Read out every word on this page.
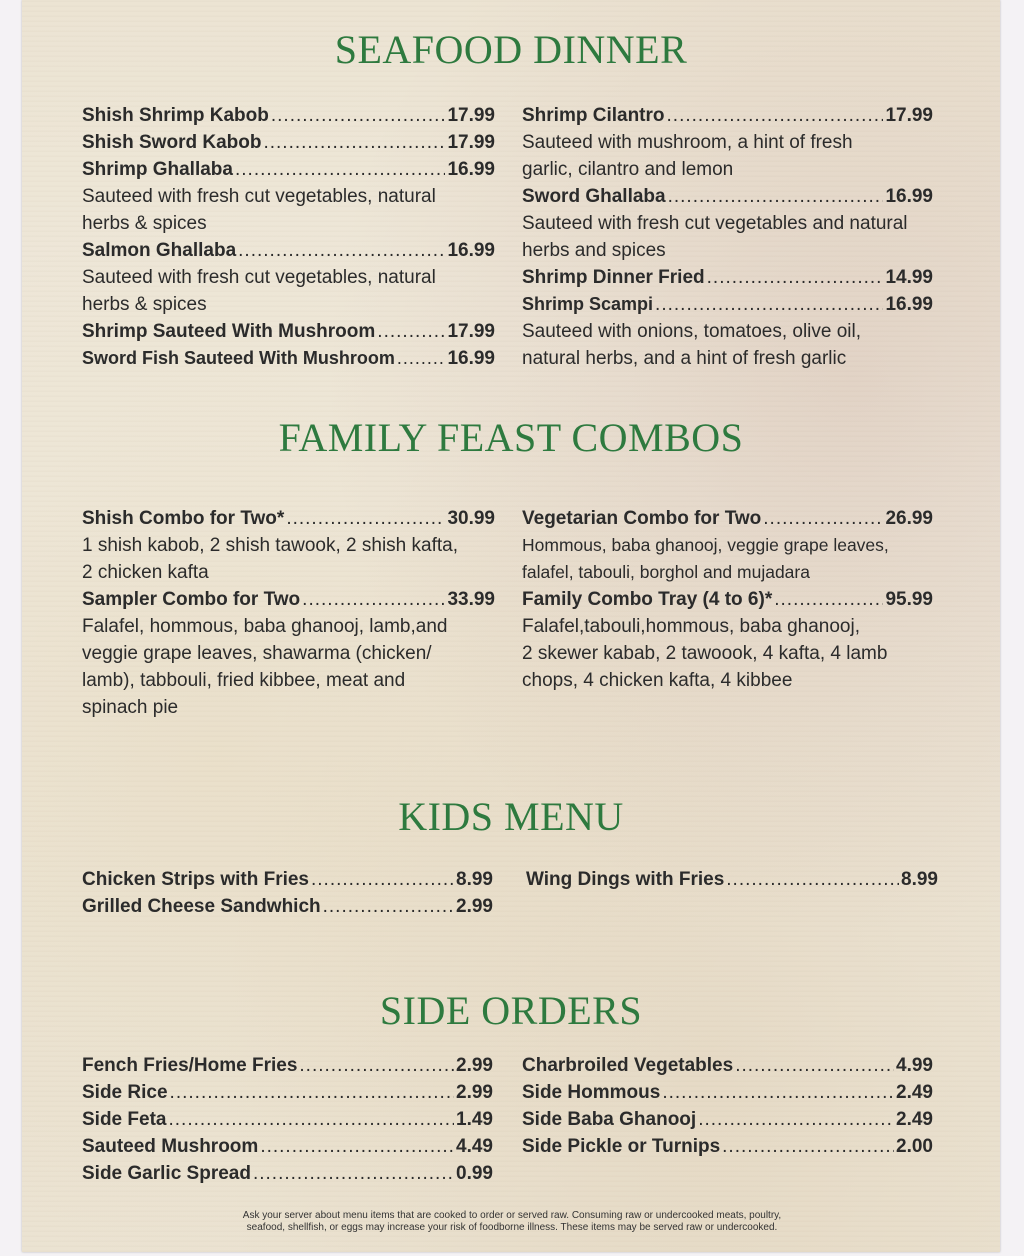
SEAFOOD DINNER
Shish Shrimp Kabob .....	17.99
Shish Sword Kabob .....	17.99
Shrimp Ghallaba .....	16.99
Sauteed with fresh cut vegetables, natural
herbs & spices
Salmon Ghallaba .....	16.99
Sauteed with fresh cut vegetables, natural
herbs & spices
Shrimp Sauteed With Mushroom .....	17.99
Sword Fish Sauteed With Mushroom .....	16.99
Shrimp Cilantro .....	17.99
Sauteed with mushroom, a hint of fresh
garlic, cilantro and lemon
Sword Ghallaba .....	16.99
Sauteed with fresh cut vegetables and natural
herbs and spices
Shrimp Dinner Fried .....	14.99
Shrimp Scampi .....	16.99
Sauteed with onions, tomatoes, olive oil,
natural herbs, and a hint of fresh garlic
FAMILY FEAST COMBOS
Shish Combo for Two* .....	30.99
1 shish kabob, 2 shish tawook, 2 shish kafta,
2 chicken kafta
Sampler Combo for Two .....	33.99
Falafel, hommous, baba ghanooj, lamb,and
veggie grape leaves, shawarma (chicken/
lamb), tabbouli, fried kibbee, meat and
spinach pie
Vegetarian Combo for Two .....	26.99
Hommous, baba ghanooj, veggie grape leaves,
falafel, tabouli, borghol and mujadara
Family Combo Tray (4 to 6)* .....	95.99
Falafel,tabouli,hommous, baba ghanooj,
2 skewer kabab, 2 tawoook, 4 kafta, 4 lamb
chops, 4 chicken kafta, 4 kibbee
KIDS MENU
Chicken Strips with Fries .....	8.99
Grilled Cheese Sandwhich .....	2.99
Wing Dings with Fries .....	8.99
SIDE ORDERS
Fench Fries/Home Fries .....	2.99
Side Rice .....	2.99
Side Feta .....	1.49
Sauteed Mushroom .....	4.49
Side Garlic Spread .....	0.99
Charbroiled Vegetables .....	4.99
Side Hommous .....	2.49
Side Baba Ghanooj .....	2.49
Side Pickle or Turnips .....	2.00
Ask your server about menu items that are cooked to order or served raw. Consuming raw or undercooked meats, poultry,
seafood, shellfish, or eggs may increase your risk of foodborne illness. These items may be served raw or undercooked.
